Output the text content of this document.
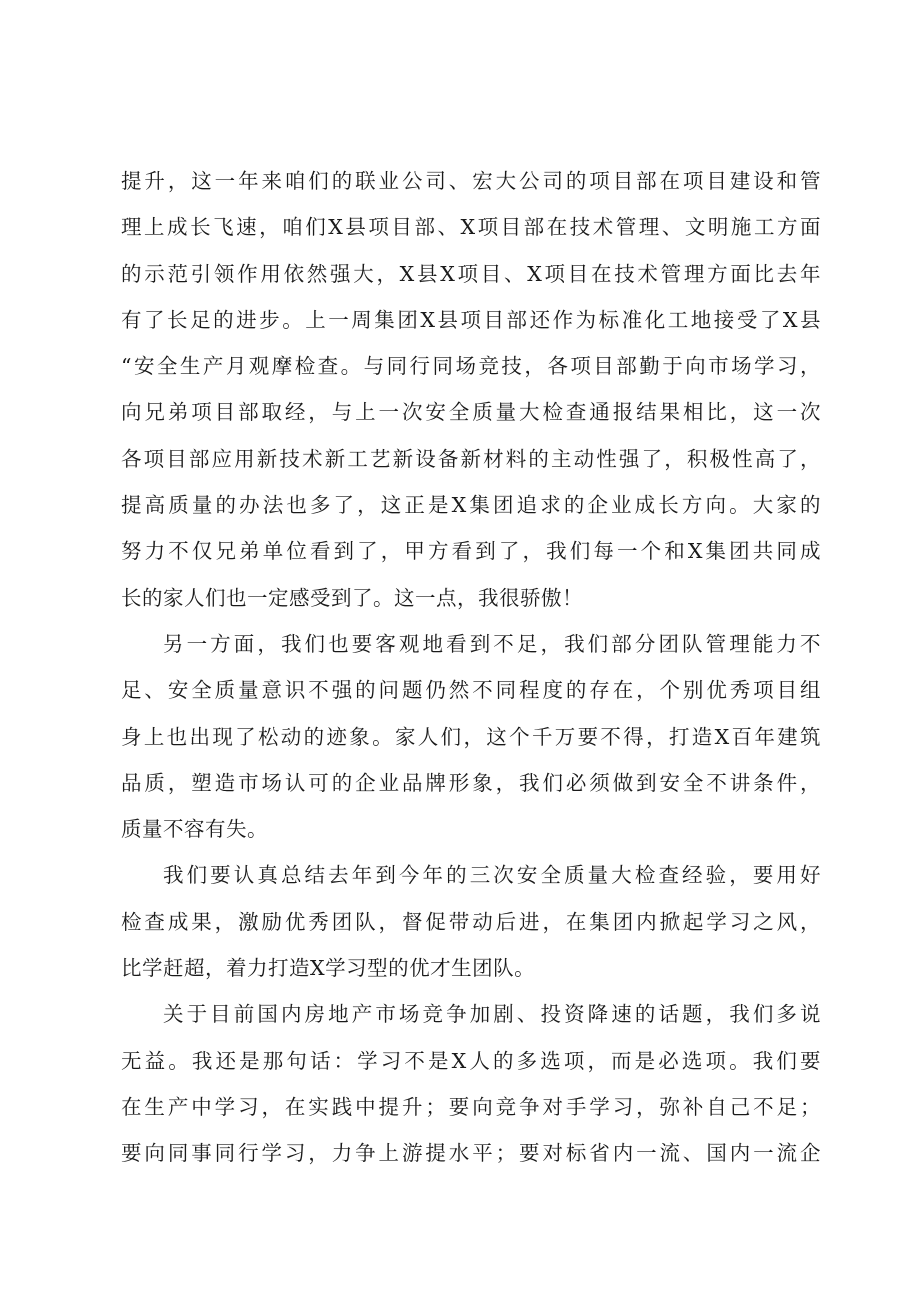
提升，这一年来咱们的联业公司、宏大公司的项目部在项目建设和管
理上成长飞速，咱们X县项目部、X项目部在技术管理、文明施工方面
的示范引领作用依然强大，X县X项目、X项目在技术管理方面比去年
有了长足的进步。上一周集团X县项目部还作为标准化工地接受了X县
“安全生产月观摩检查。与同行同场竞技，各项目部勤于向市场学习，
向兄弟项目部取经，与上一次安全质量大检查通报结果相比，这一次
各项目部应用新技术新工艺新设备新材料的主动性强了，积极性高了，
提高质量的办法也多了，这正是X集团追求的企业成长方向。大家的
努力不仅兄弟单位看到了，甲方看到了，我们每一个和X集团共同成
长的家人们也一定感受到了。这一点，我很骄傲！
另一方面，我们也要客观地看到不足，我们部分团队管理能力不
足、安全质量意识不强的问题仍然不同程度的存在，个别优秀项目组
身上也出现了松动的迹象。家人们，这个千万要不得，打造X百年建筑
品质，塑造市场认可的企业品牌形象，我们必须做到安全不讲条件，
质量不容有失。
我们要认真总结去年到今年的三次安全质量大检查经验，要用好
检查成果，激励优秀团队，督促带动后进，在集团内掀起学习之风，
比学赶超，着力打造X学习型的优才生团队。
关于目前国内房地产市场竞争加剧、投资降速的话题，我们多说
无益。我还是那句话：学习不是X人的多选项，而是必选项。我们要
在生产中学习，在实践中提升；要向竞争对手学习，弥补自己不足；
要向同事同行学习，力争上游提水平；要对标省内一流、国内一流企
